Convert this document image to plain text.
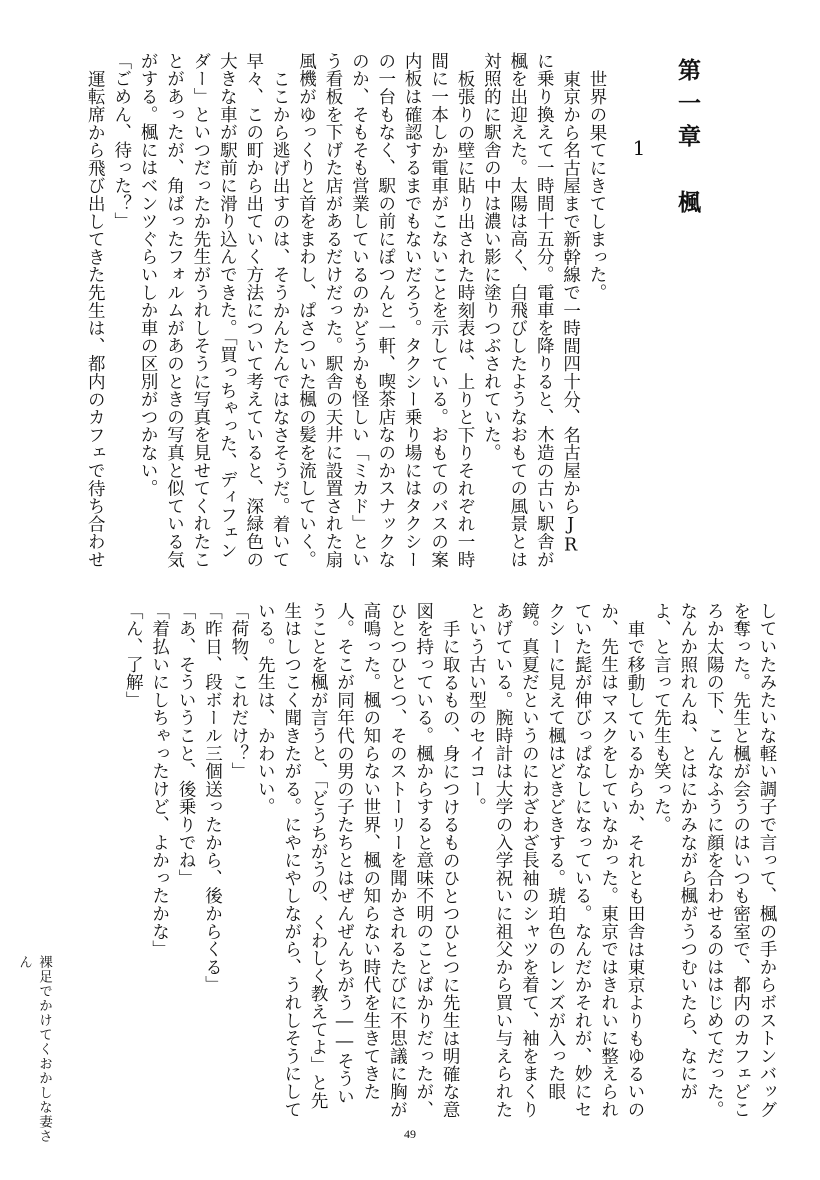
第一章　楓
1

世界の果てにきてしまった。

東京から名古屋まで新幹線で一時間四十分、名古屋からJRに乗り換えて一時間十五分。電車を降りると、木造の古い駅舎が楓を出迎えた。太陽は高く、白飛びしたようなおもての風景とは対照的に駅舎の中は濃い影に塗りつぶされていた。

板張りの壁に貼り出された時刻表は、上りと下りそれぞれ一時間に一本しか電車がこないことを示している。おもてのバスの案内板は確認するまでもないだろう。タクシー乗り場にはタクシーの一台もなく、駅の前にぽつんと一軒、喫茶店なのかスナックなのか、そもそも営業しているのかどうかも怪しい「ミカド」という看板を下げた店があるだけだった。駅舎の天井に設置された扇風機がゆっくりと首をまわし、ぱさついた楓の髪を流していく。

ここから逃げ出すのは、そうかんたんではなさそうだ。着いて早々、この町から出ていく方法について考えていると、深緑色の大きな車が駅前に滑り込んできた。「買っちゃった、ディフェンダー」といつだったか先生がうれしそうに写真を見せてくれたことがあったが、角ばったフォルムがあのときの写真と似ている気がする。楓にはベンツぐらいしか車の区別がつかない。

「ごめん、待った？」

運転席から飛び出してきた先生は、都内のカフェで待ち合わせ

していたみたいな軽い調子で言って、楓の手からボストンバッグを奪った。先生と楓が会うのはいつも密室で、都内のカフェどころか太陽の下、こんなふうに顔を合わせるのははじめてだった。なんか照れんね、とはにかみながら楓がうつむいたら、なにがよ、と言って先生も笑った。

車で移動しているからか、それとも田舎は東京よりもゆるいのか、先生はマスクをしていなかった。東京ではきれいに整えられていた髭が伸びっぱなしになっている。なんだかそれが、妙にセクシーに見えて楓はどきどきする。琥珀色のレンズが入った眼鏡。真夏だというのにわざわざ長袖のシャツを着て、袖をまくりあげている。腕時計は大学の入学祝いに祖父から買い与えられたという古い型のセイコー。

手に取るもの、身につけるものひとつひとつに先生は明確な意図を持っている。楓からすると意味不明のことばかりだったが、ひとつひとつ、そのストーリーを聞かされるたびに不思議に胸が高鳴った。楓の知らない世界、楓の知らない時代を生きてきた人。そこが同年代の男の子たちとはぜんぜんちがう――そういうことを楓が言うと、「どうちがうの、くわしく教えてよ」と先生はしつこく聞きたがる。にやにやしながら、うれしそうにしている。先生は、かわいい。

「荷物、これだけ？」

「昨日、段ボール三個送ったから、後からくる」

「あ、そういうこと、後乗りでね」

「着払いにしちゃったけど、よかったかな」

「ん、了解」

裸足でかけてくおかしな妻さん
49
